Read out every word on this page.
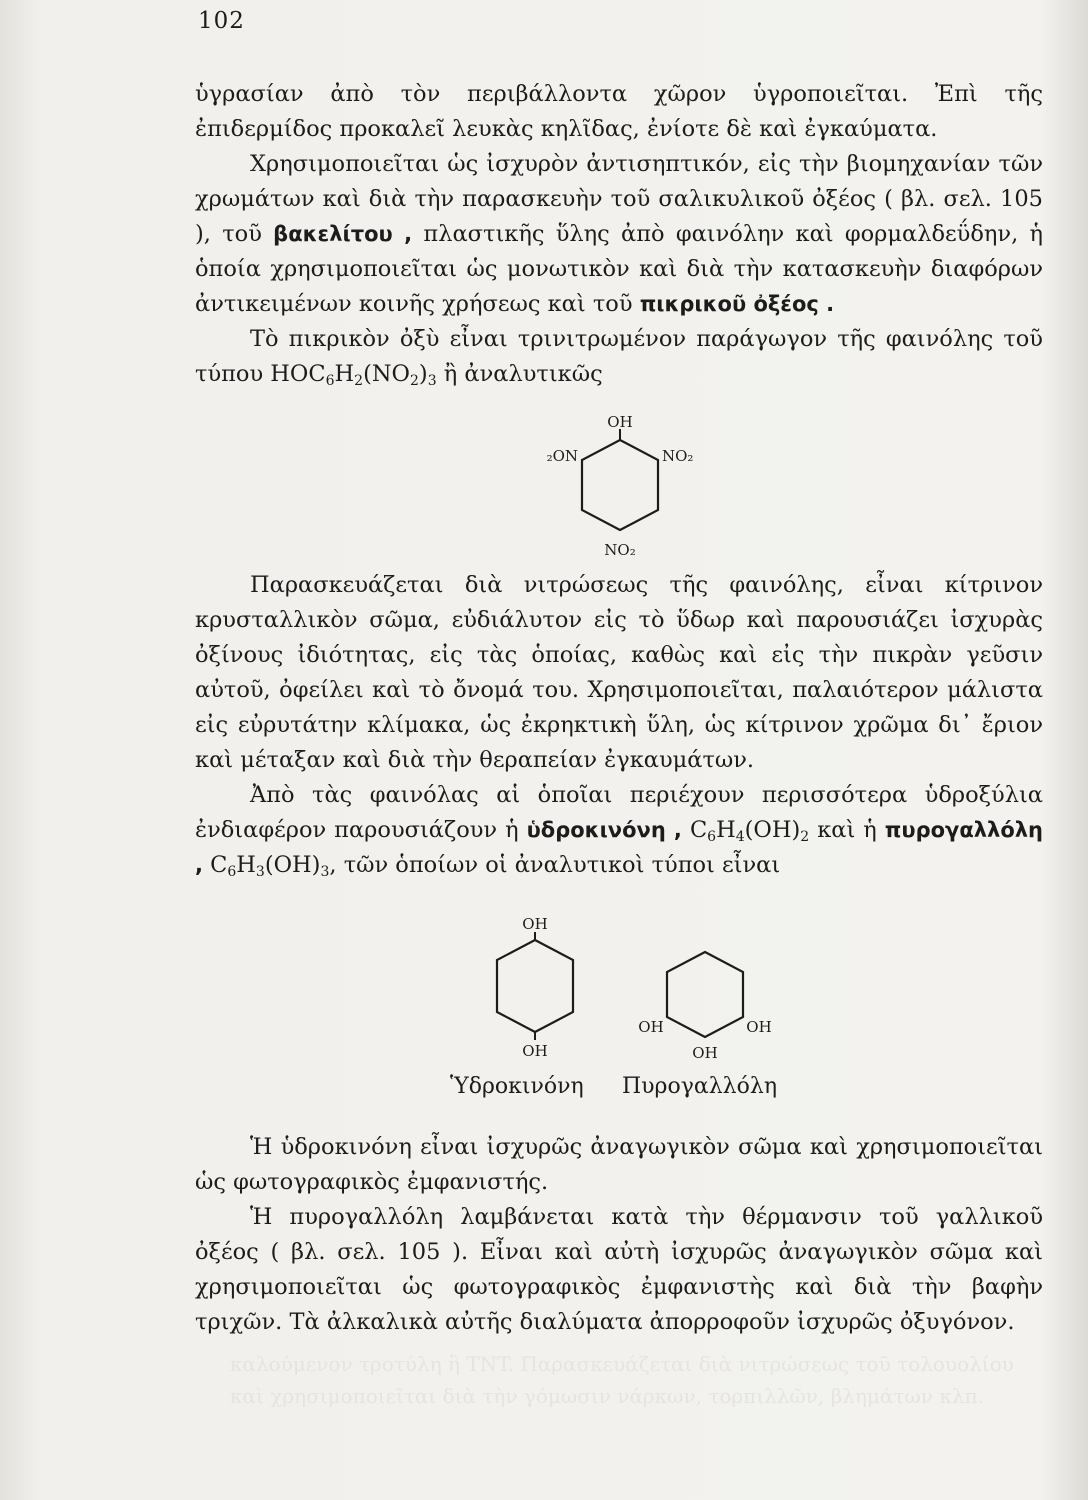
καλούμενον τροτύλη ἢ TNT. Παρασκευάζεται διὰ νιτρώσεως τοῦ τολουολίου καὶ χρησιμοποιεῖται διὰ τὴν γόμωσιν νάρκων, τορπιλλῶν, βλημάτων κλπ.
102

ὑγρασίαν ἀπὸ τὸν περιβάλλοντα χῶρον ὑγροποιεῖται. Ἐπὶ τῆς ἐπιδερμίδος προκαλεῖ λευκὰς κηλῖδας, ἐνίοτε δὲ καὶ ἐγκαύματα.

Χρησιμοποιεῖται ὡς ἰσχυρὸν ἀντισηπτικόν, εἰς τὴν βιομηχανίαν τῶν χρωμάτων καὶ διὰ τὴν παρασκευὴν τοῦ σαλικυλικοῦ ὀξέος ( βλ. σελ. 105 ), τοῦ βακελίτου , πλαστικῆς ὕλης ἀπὸ φαινόλην καὶ φορμαλδεΰδην, ἡ ὁποία χρησιμοποιεῖται ὡς μονωτικὸν καὶ διὰ τὴν κατασκευὴν διαφόρων ἀντικειμένων κοινῆς χρήσεως καὶ τοῦ πικρικοῦ ὀξέος .

Τὸ πικρικὸν ὀξὺ εἶναι τρινιτρωμένον παράγωγον τῆς φαινόλης τοῦ τύπου $HOC_6H_2(NO_2)_3$ ἢ ἀναλυτικῶς

OH
₂ON	NO₂
NO₂

Παρασκευάζεται διὰ νιτρώσεως τῆς φαινόλης, εἶναι κίτρινον κρυσταλλικὸν σῶμα, εὐδιάλυτον εἰς τὸ ὕδωρ καὶ παρουσιάζει ἰσχυρὰς ὀξίνους ἰδιότητας, εἰς τὰς ὁποίας, καθὼς καὶ εἰς τὴν πικρὰν γεῦσιν αὐτοῦ, ὀφείλει καὶ τὸ ὄνομά του. Χρησιμοποιεῖται, παλαιότερον μάλιστα εἰς εὐρυτάτην κλίμακα, ὡς ἐκρηκτικὴ ὕλη, ὡς κίτρινον χρῶμα δι᾽ ἔριον καὶ μέταξαν καὶ διὰ τὴν θεραπείαν ἐγκαυμάτων.

Ἀπὸ τὰς φαινόλας αἱ ὁποῖαι περιέχουν περισσότερα ὑδροξύλια ἐνδιαφέρον παρουσιάζουν ἡ ὑδροκινόνη , $C_6H_4(OH)_2$ καὶ ἡ πυρογαλλόλη , $C_6H_3(OH)_3$, τῶν ὁποίων οἱ ἀναλυτικοὶ τύποι εἶναι

OH
OH
OH	OH
OH
Ὑδροκινόνη Πυρογαλλόλη

Ἡ ὑδροκινόνη εἶναι ἰσχυρῶς ἀναγωγικὸν σῶμα καὶ χρησιμοποιεῖται ὡς φωτογραφικὸς ἐμφανιστής.

Ἡ πυρογαλλόλη λαμβάνεται κατὰ τὴν θέρμανσιν τοῦ γαλλικοῦ ὀξέος ( βλ. σελ. 105 ). Εἶναι καὶ αὐτὴ ἰσχυρῶς ἀναγωγικὸν σῶμα καὶ χρησιμοποιεῖται ὡς φωτογραφικὸς ἐμφανιστὴς καὶ διὰ τὴν βαφὴν τριχῶν. Τὰ ἀλκαλικὰ αὐτῆς διαλύματα ἀπορροφοῦν ἰσχυρῶς ὀξυγόνον.
